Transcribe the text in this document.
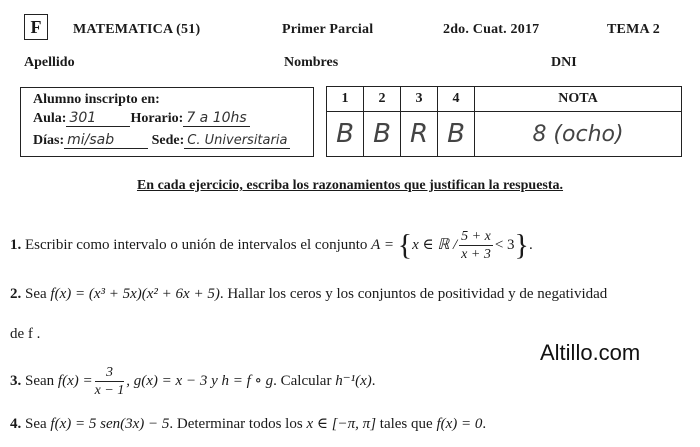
F	MATEMATICA (51)	Primer Parcial	2do. Cuat. 2017	TEMA 2
Apellido	Nombres	DNI
Alumno inscripto en:
Aula: 301 Horario: 7 a 10hs
Días: mi/sab	Sede: C. Universitaria
1	2	3	4	NOTA
B	B	R	B	8 (ocho)
En cada ejercicio, escriba los razonamientos que justifican la respuesta.
1. Escribir como intervalo o unión de intervalos el conjunto A = {x ∈ ℝ / $\frac{5 + x}{x + 3} < 3$}.
2. Sea f(x) = (x³ + 5x)(x² + 6x + 5). Hallar los ceros y los conjuntos de positividad y de negatividad
de f .
3. Sean $f(x) = \frac{3}{x - 1}$ , g(x) = x − 3 y h = f ∘ g. Calcular h⁻¹(x).
4. Sea f(x) = 5 sen(3x) − 5. Determinar todos los x ∈ [−π, π] tales que f(x) = 0.
Altillo.com
